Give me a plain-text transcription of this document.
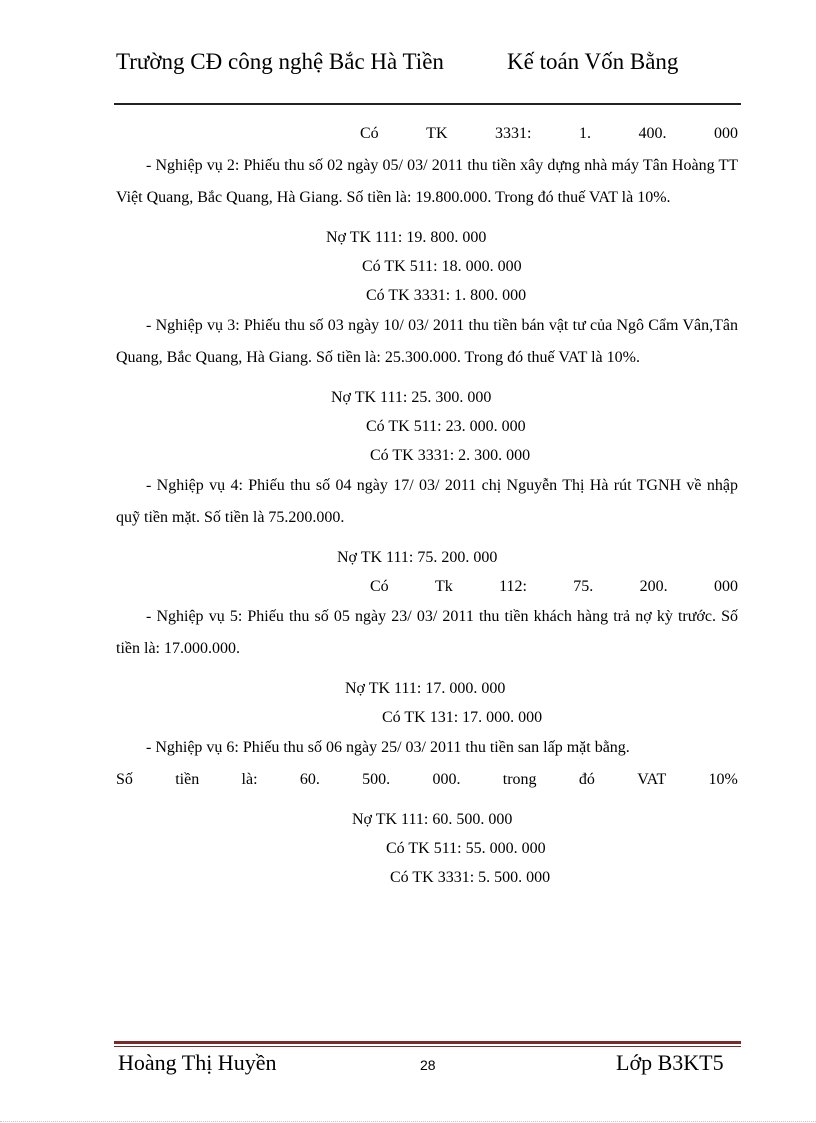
Trường CĐ công nghệ Bắc Hà Tiền	Kế toán Vốn Bằng
Có	TK	3331:	1.	400.	000

- Nghiệp vụ 2: Phiếu thu số 02 ngày 05/ 03/ 2011 thu tiền xây dựng nhà máy Tân Hoàng TT Việt Quang, Bắc Quang, Hà Giang. Số tiền là: 19.800.000. Trong đó thuế VAT là 10%.

Nợ TK 111: 19. 800. 000
Có TK 511: 18. 000. 000
Có TK 3331: 1. 800. 000

- Nghiệp vụ 3: Phiếu thu số 03 ngày 10/ 03/ 2011 thu tiền bán vật tư của Ngô Cẩm Vân,Tân Quang, Bắc Quang, Hà Giang. Số tiền là: 25.300.000. Trong đó thuế VAT là 10%.

Nợ TK 111: 25. 300. 000
Có TK 511: 23. 000. 000
Có TK 3331: 2. 300. 000

- Nghiệp vụ 4: Phiếu thu số 04 ngày 17/ 03/ 2011 chị Nguyễn Thị Hà rút TGNH về nhập quỹ tiền mặt. Số tiền là 75.200.000.

Nợ TK 111: 75. 200. 000
Có	Tk	112:	75.	200.	000

- Nghiệp vụ 5: Phiếu thu số 05 ngày 23/ 03/ 2011 thu tiền khách hàng trả nợ kỳ trước. Số tiền là: 17.000.000.

Nợ TK 111: 17. 000. 000
Có TK 131: 17. 000. 000

- Nghiệp vụ 6: Phiếu thu số 06 ngày 25/ 03/ 2011 thu tiền san lấp mặt bằng.

Số	tiền	là:	60.	500.	000.	trong	đó	VAT	10%
Nợ TK 111: 60. 500. 000
Có TK 511: 55. 000. 000
Có TK 3331: 5. 500. 000
Hoàng Thị Huyền	28	Lớp B3KT5
